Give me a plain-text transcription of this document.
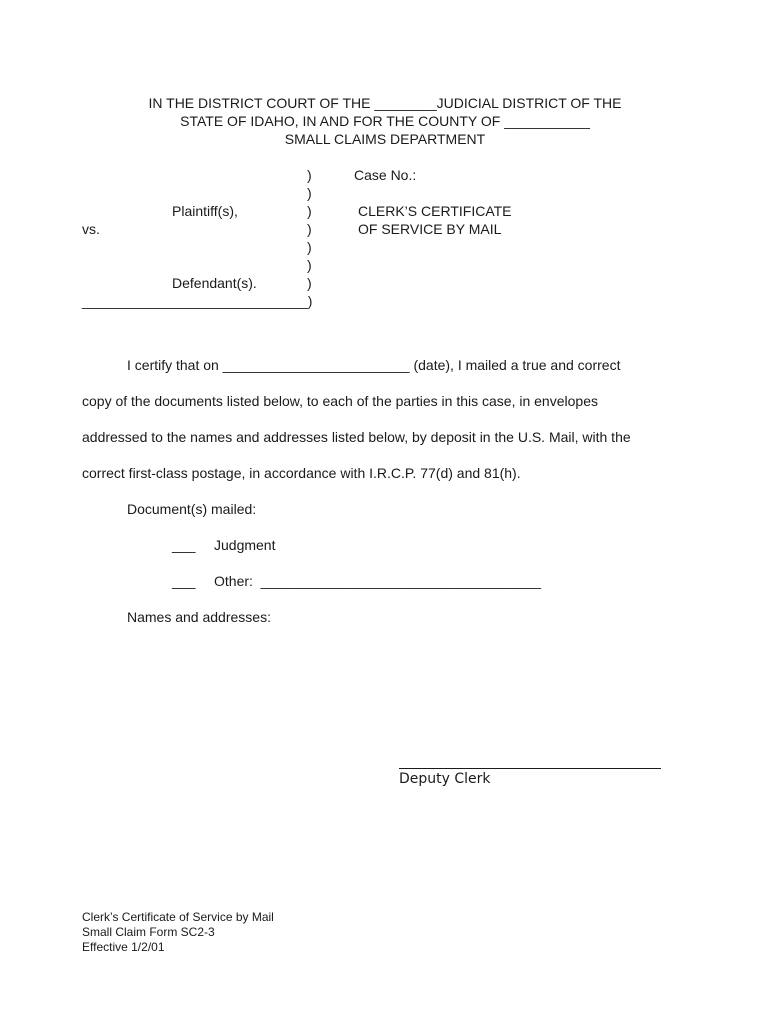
IN THE DISTRICT COURT OF THE ________JUDICIAL DISTRICT OF THE
STATE OF IDAHO, IN AND FOR THE COUNTY OF ___________
SMALL CLAIMS DEPARTMENT
)
)
)
)
)
)
)
_____________________________)
Plaintiff(s),
vs.
Defendant(s).
Case No.:
CLERK’S CERTIFICATE
OF SERVICE BY MAIL
I certify that on ________________________ (date), I mailed a true and correct
copy of the documents listed below, to each of the parties in this case, in envelopes
addressed to the names and addresses listed below, by deposit in the U.S. Mail, with the
correct first-class postage, in accordance with I.R.C.P. 77(d) and 81(h).
Document(s) mailed:
___ Judgment
___ Other:  ____________________________________
Names and addresses:
Deputy Clerk
Clerk’s Certificate of Service by Mail
Small Claim Form SC2-3
Effective 1/2/01
